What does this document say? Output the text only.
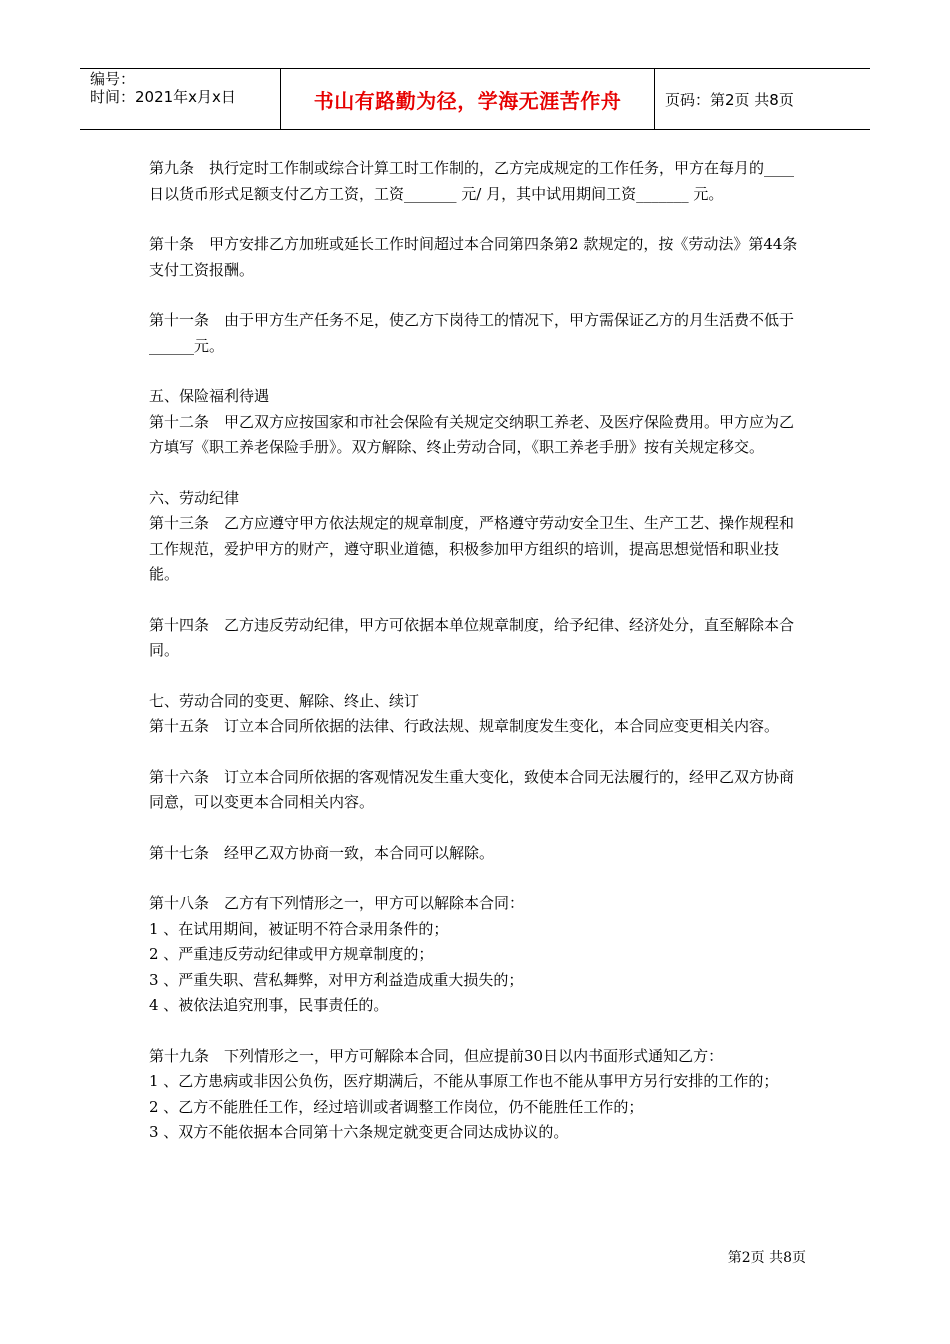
编号：
时间：2021年x月x日	书山有路勤为径，学海无涯苦作舟	页码：第2页 共8页

第九条　执行定时工作制或综合计算工时工作制的，乙方完成规定的工作任务，甲方在每月的____日以货币形式足额支付乙方工资，工资_______ 元/ 月，其中试用期间工资_______ 元。

第十条　甲方安排乙方加班或延长工作时间超过本合同第四条第2 款规定的，按《劳动法》第44条支付工资报酬。

第十一条　由于甲方生产任务不足，使乙方下岗待工的情况下，甲方需保证乙方的月生活费不低于______元。

五、保险福利待遇

第十二条　甲乙双方应按国家和市社会保险有关规定交纳职工养老、及医疗保险费用。甲方应为乙方填写《职工养老保险手册》。双方解除、终止劳动合同，《职工养老手册》按有关规定移交。

六、劳动纪律

第十三条　乙方应遵守甲方依法规定的规章制度，严格遵守劳动安全卫生、生产工艺、操作规程和工作规范，爱护甲方的财产，遵守职业道德，积极参加甲方组织的培训，提高思想觉悟和职业技能。

第十四条　乙方违反劳动纪律，甲方可依据本单位规章制度，给予纪律、经济处分，直至解除本合同。

七、劳动合同的变更、解除、终止、续订

第十五条　订立本合同所依据的法律、行政法规、规章制度发生变化，本合同应变更相关内容。

第十六条　订立本合同所依据的客观情况发生重大变化，致使本合同无法履行的，经甲乙双方协商同意，可以变更本合同相关内容。

第十七条　经甲乙双方协商一致，本合同可以解除。

第十八条　乙方有下列情形之一，甲方可以解除本合同：

1 、在试用期间，被证明不符合录用条件的；

2 、严重违反劳动纪律或甲方规章制度的；

3 、严重失职、营私舞弊，对甲方利益造成重大损失的；

4 、被依法追究刑事，民事责任的。

第十九条　下列情形之一，甲方可解除本合同，但应提前30日以内书面形式通知乙方：

1 、乙方患病或非因公负伤，医疗期满后，不能从事原工作也不能从事甲方另行安排的工作的；

2 、乙方不能胜任工作，经过培训或者调整工作岗位，仍不能胜任工作的；

3 、双方不能依据本合同第十六条规定就变更合同达成协议的。

第2页 共8页
